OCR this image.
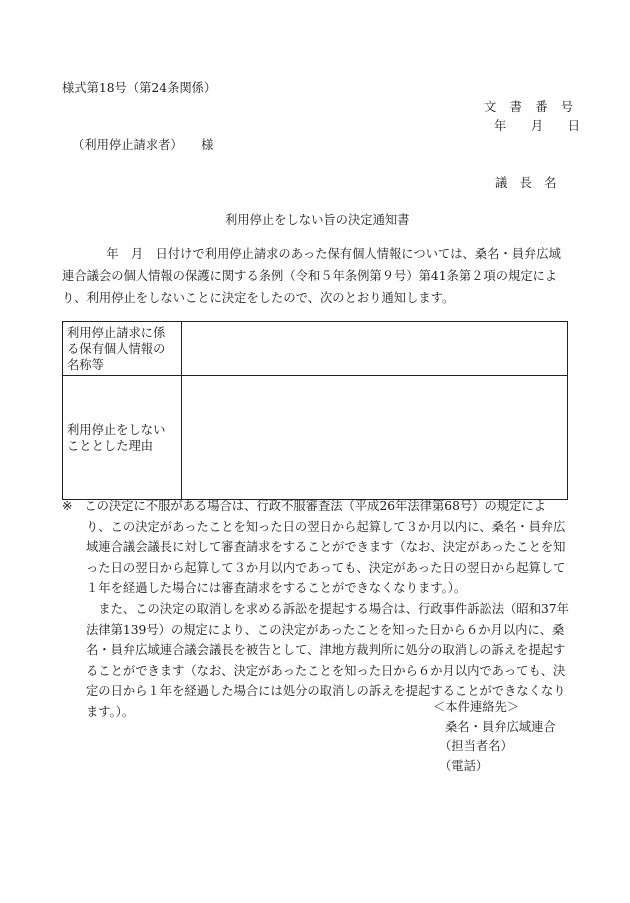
様式第18号（第24条関係）
文　書　番　号
年　　月　　日
（利用停止請求者）　　様
議　長　名
利用停止をしない旨の決定通知書
年　月　日付けで利用停止請求のあった保有個人情報については、桑名・員弁広域連合議会の個人情報の保護に関する条例（令和５年条例第９号）第41条第２項の規定により、利用停止をしないことに決定をしたので、次のとおり通知します。
利用停止請求に係る保有個人情報の名称等	
利用停止をしないこととした理由	

※ この決定に不服がある場合は、行政不服審査法（平成26年法律第68号）の規定により、この決定があったことを知った日の翌日から起算して３か月以内に、桑名・員弁広域連合議会議長に対して審査請求をすることができます（なお、決定があったことを知った日の翌日から起算して３か月以内であっても、決定があった日の翌日から起算して１年を経過した場合には審査請求をすることができなくなります。）。

また、この決定の取消しを求める訴訟を提起する場合は、行政事件訴訟法（昭和37年法律第139号）の規定により、この決定があったことを知った日から６か月以内に、桑名・員弁広域連合議会議長を被告として、津地方裁判所に処分の取消しの訴えを提起することができます（なお、決定があったことを知った日から６か月以内であっても、決定の日から１年を経過した場合には処分の取消しの訴えを提起することができなくなります。）。	＜本件連絡先＞
桑名・員弁広域連合
（担当者名）
（電話）
